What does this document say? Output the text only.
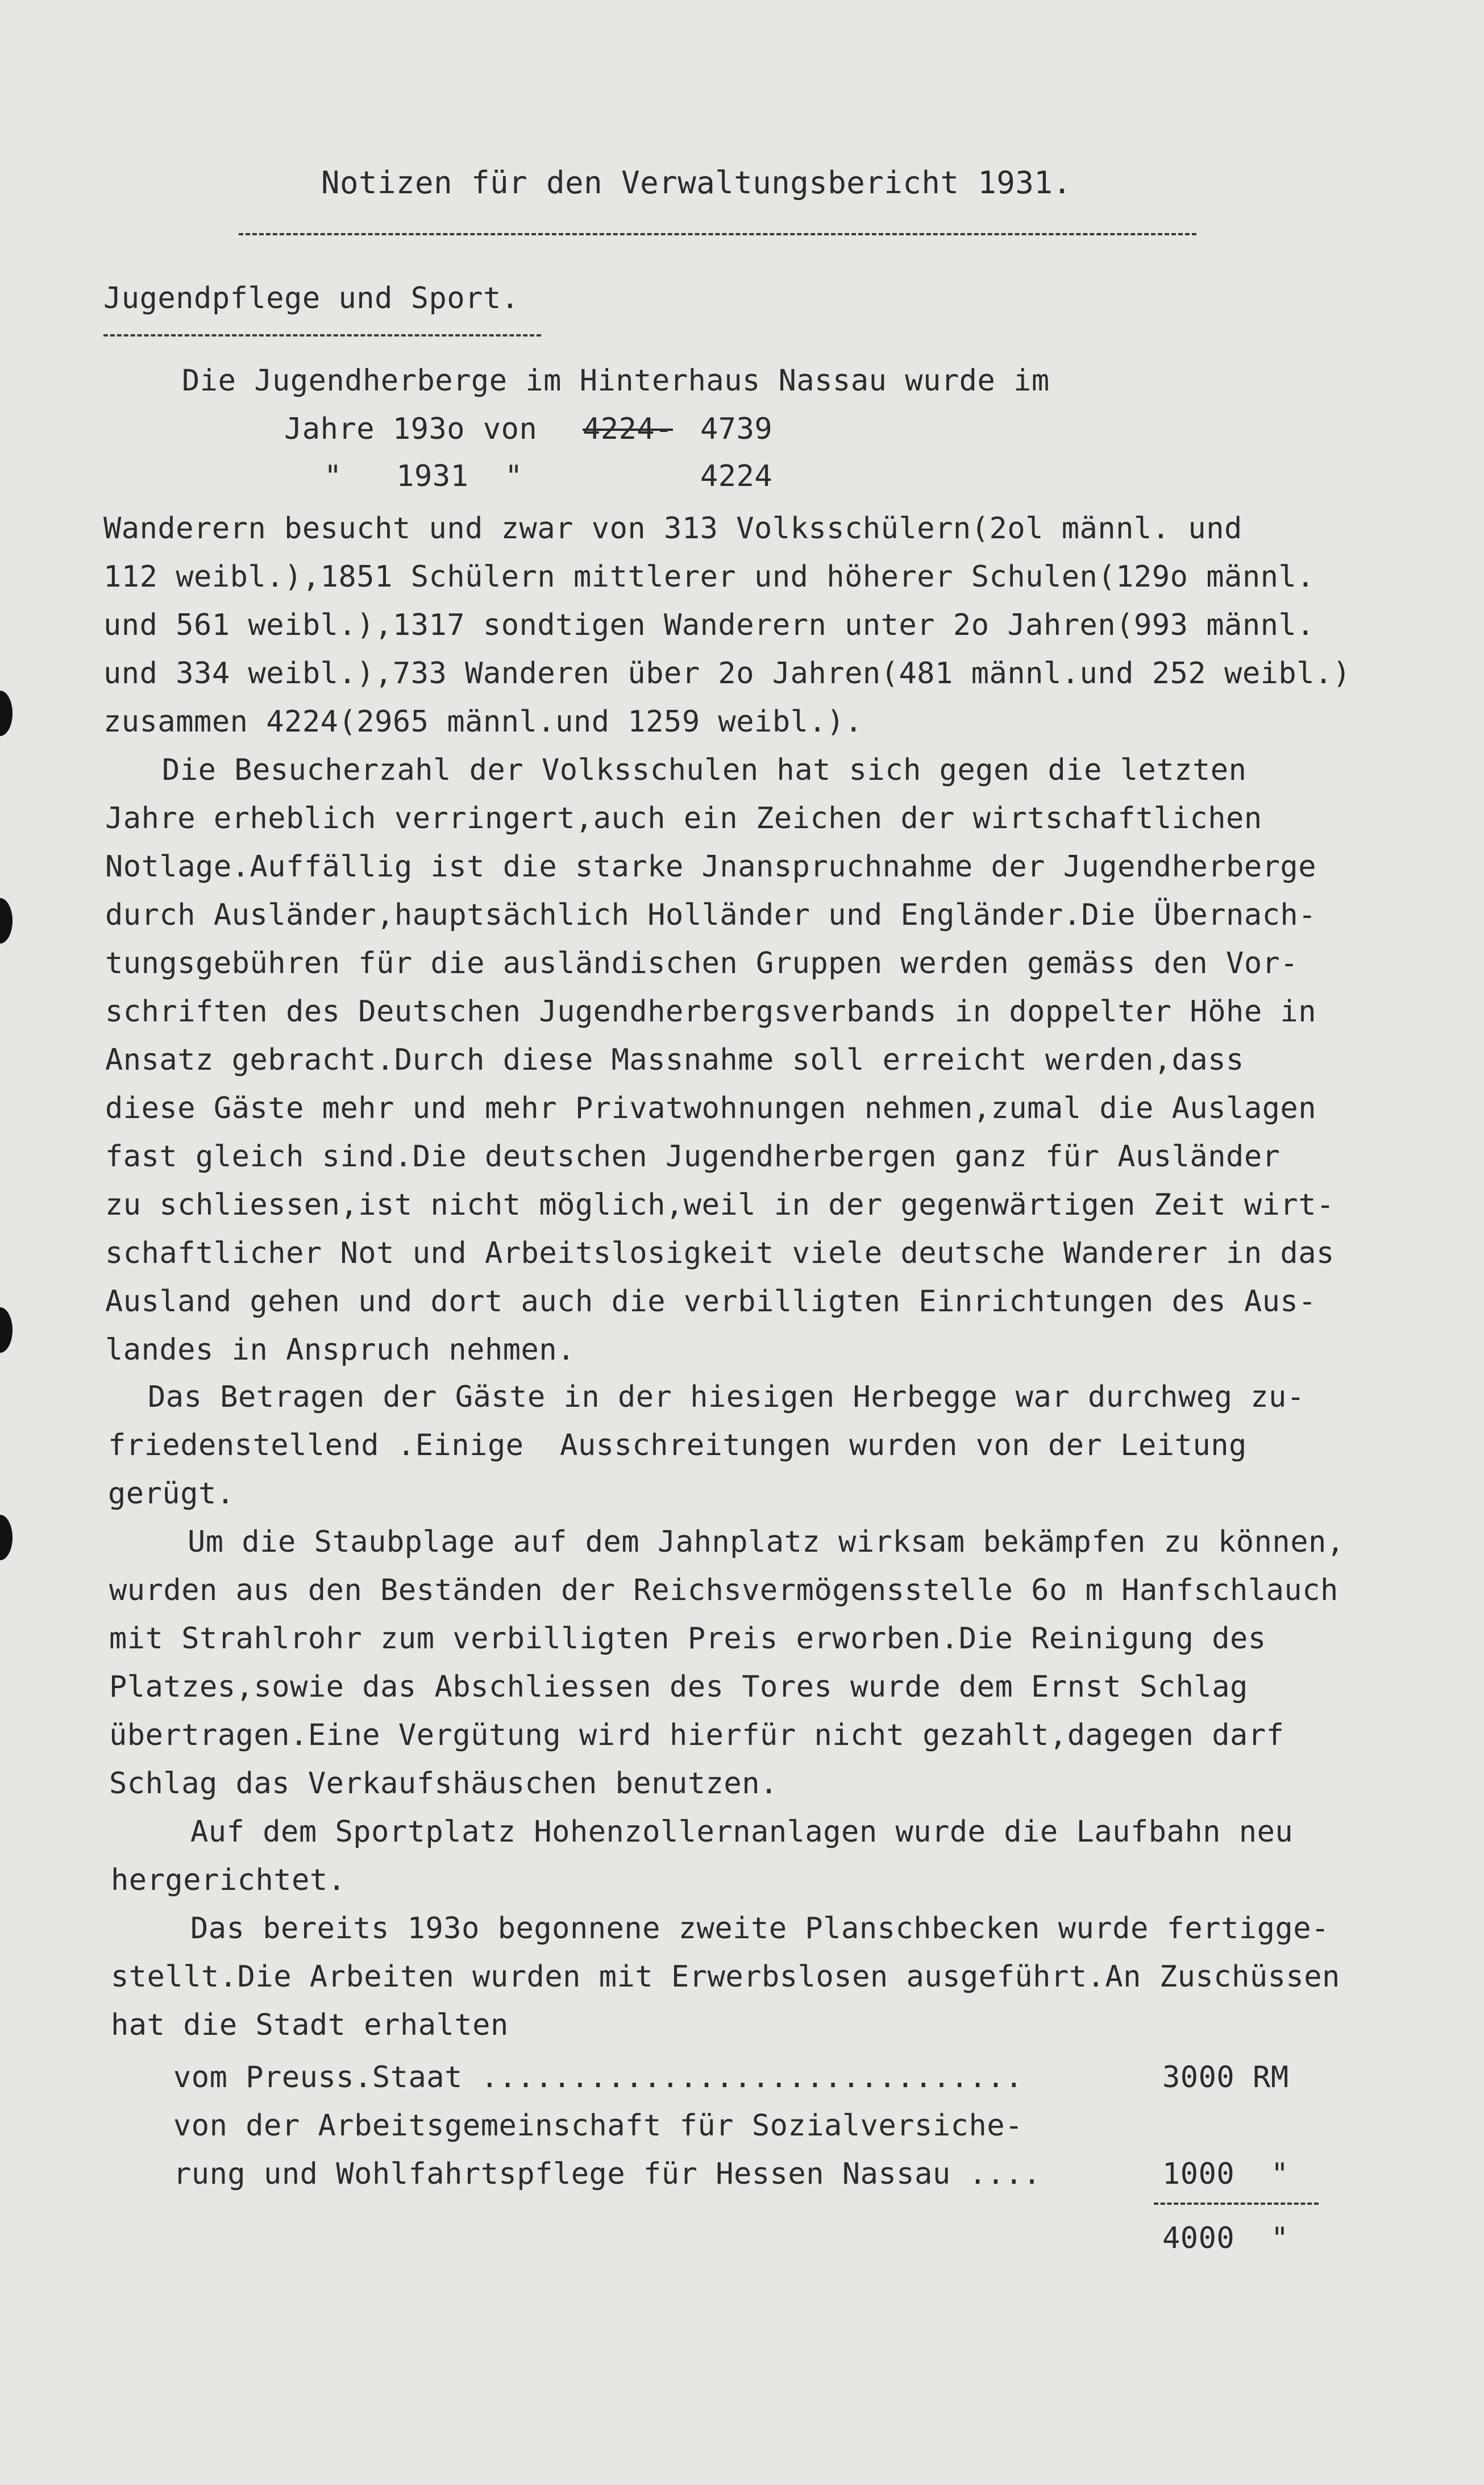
Notizen für den Verwaltungsbericht 1931.
Jugendpflege und Sport.
Die Jugendherberge im Hinterhaus Nassau wurde im
Jahre 193o von 4224- 4739
"   1931  "	4224
Wanderern besucht und zwar von 313 Volksschülern(2ol männl. und
112 weibl.),1851 Schülern mittlerer und höherer Schulen(129o männl.
und 561 weibl.),1317 sondtigen Wanderern unter 2o Jahren(993 männl.
und 334 weibl.),733 Wanderen über 2o Jahren(481 männl.und 252 weibl.)
zusammen 4224(2965 männl.und 1259 weibl.).
Die Besucherzahl der Volksschulen hat sich gegen die letzten
Jahre erheblich verringert,auch ein Zeichen der wirtschaftlichen
Notlage.Auffällig ist die starke Jnanspruchnahme der Jugendherberge
durch Ausländer,hauptsächlich Holländer und Engländer.Die Übernach-
tungsgebühren für die ausländischen Gruppen werden gemäss den Vor-
schriften des Deutschen Jugendherbergsverbands in doppelter Höhe in
Ansatz gebracht.Durch diese Massnahme soll erreicht werden,dass
diese Gäste mehr und mehr Privatwohnungen nehmen,zumal die Auslagen
fast gleich sind.Die deutschen Jugendherbergen ganz für Ausländer
zu schliessen,ist nicht möglich,weil in der gegenwärtigen Zeit wirt-
schaftlicher Not und Arbeitslosigkeit viele deutsche Wanderer in das
Ausland gehen und dort auch die verbilligten Einrichtungen des Aus-
landes in Anspruch nehmen.
Das Betragen der Gäste in der hiesigen Herbegge war durchweg zu-
friedenstellend .Einige  Ausschreitungen wurden von der Leitung
gerügt.
Um die Staubplage auf dem Jahnplatz wirksam bekämpfen zu können,
wurden aus den Beständen der Reichsvermögensstelle 6o m Hanfschlauch
mit Strahlrohr zum verbilligten Preis erworben.Die Reinigung des
Platzes,sowie das Abschliessen des Tores wurde dem Ernst Schlag
übertragen.Eine Vergütung wird hierfür nicht gezahlt,dagegen darf
Schlag das Verkaufshäuschen benutzen.
Auf dem Sportplatz Hohenzollernanlagen wurde die Laufbahn neu
hergerichtet.
Das bereits 193o begonnene zweite Planschbecken wurde fertigge-
stellt.Die Arbeiten wurden mit Erwerbslosen ausgeführt.An Zuschüssen
hat die Stadt erhalten
vom Preuss.Staat ..............................	3000 RM
von der Arbeitsgemeinschaft für Sozialversiche-
rung und Wohlfahrtspflege für Hessen Nassau ....	1000  "
4000  "
